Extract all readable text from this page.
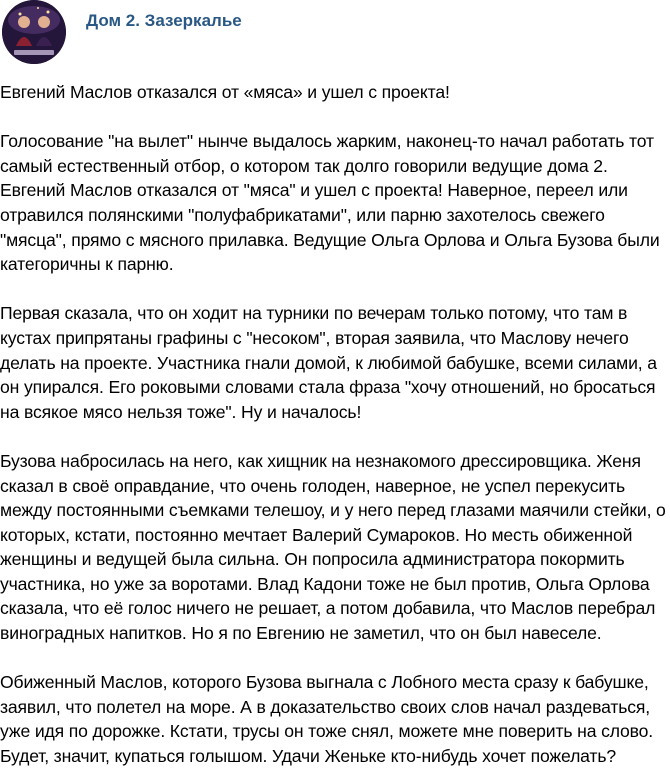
Дом 2. Зазеркалье

Евгений Маслов отказался от «мяса» и ушел с проекта!

Голосование "на вылет" нынче выдалось жарким, наконец-то начал работать тот
самый естественный отбор, о котором так долго говорили ведущие дома 2.
Евгений Маслов отказался от "мяса" и ушел с проекта! Наверное, переел или
отравился полянскими "полуфабрикатами", или парню захотелось свежего
"мясца", прямо с мясного прилавка. Ведущие Ольга Орлова и Ольга Бузова были
категоричны к парню.

Первая сказала, что он ходит на турники по вечерам только потому, что там в
кустах припрятаны графины с "несоком", вторая заявила, что Маслову нечего
делать на проекте. Участника гнали домой, к любимой бабушке, всеми силами, а
он упирался. Его роковыми словами стала фраза "хочу отношений, но бросаться
на всякое мясо нельзя тоже". Ну и началось!

Бузова набросилась на него, как хищник на незнакомого дрессировщика. Женя
сказал в своё оправдание, что очень голоден, наверное, не успел перекусить
между постоянными съемками телешоу, и у него перед глазами маячили стейки, о
которых, кстати, постоянно мечтает Валерий Сумароков. Но месть обиженной
женщины и ведущей была сильна. Он попросила администратора покормить
участника, но уже за воротами. Влад Кадони тоже не был против, Ольга Орлова
сказала, что её голос ничего не решает, а потом добавила, что Маслов перебрал
виноградных напитков. Но я по Евгению не заметил, что он был навеселе.

Обиженный Маслов, которого Бузова выгнала с Лобного места сразу к бабушке,
заявил, что полетел на море. А в доказательство своих слов начал раздеваться,
уже идя по дорожке. Кстати, трусы он тоже снял, можете мне поверить на слово.
Будет, значит, купаться голышом. Удачи Женьке кто-нибудь хочет пожелать?
